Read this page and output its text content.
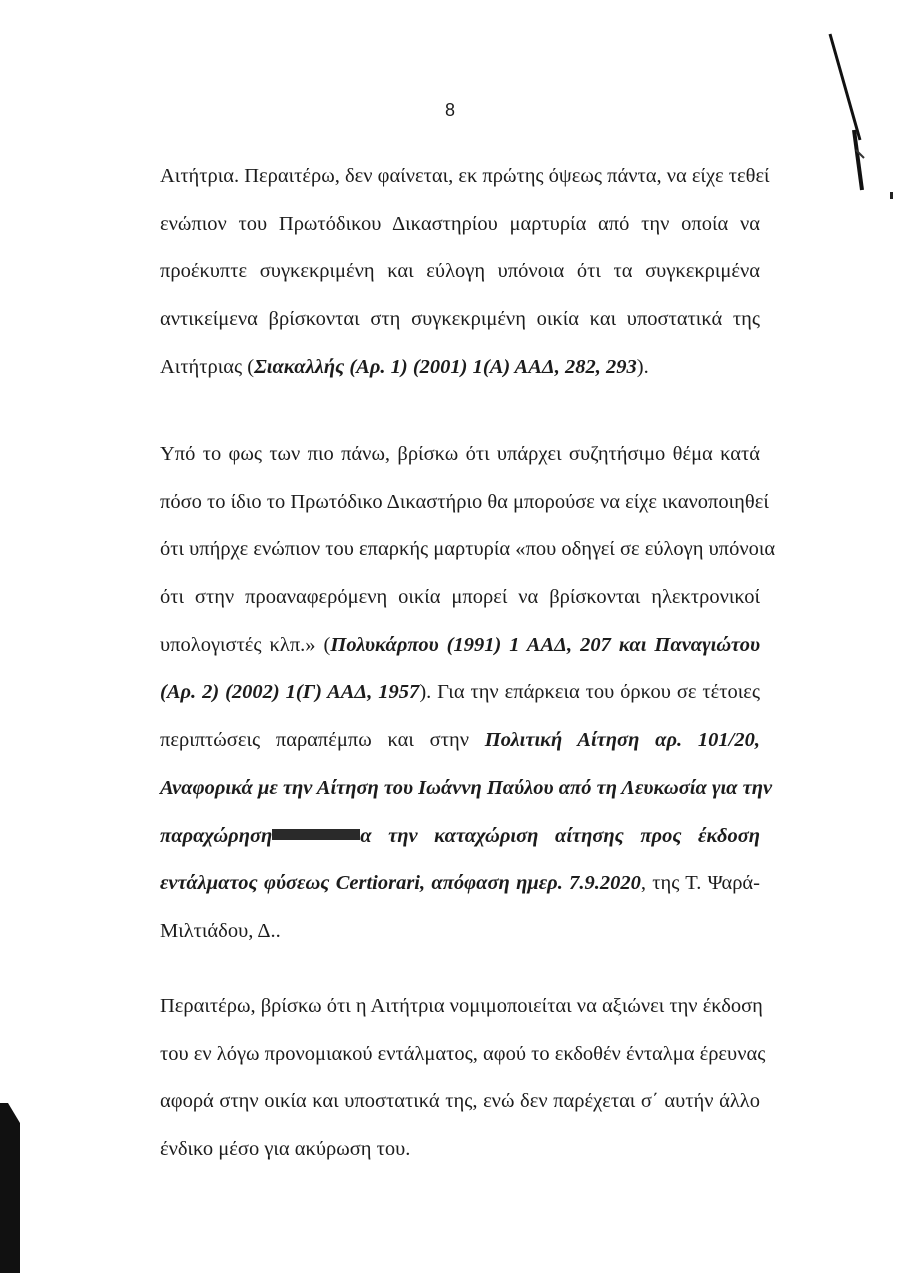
8
Αιτήτρια. Περαιτέρω, δεν φαίνεται, εκ πρώτης όψεως πάντα, να είχε τεθεί
ενώπιον του Πρωτόδικου Δικαστηρίου μαρτυρία από την οποία να
προέκυπτε συγκεκριμένη και εύλογη υπόνοια ότι τα συγκεκριμένα
αντικείμενα βρίσκονται στη συγκεκριμένη οικία και υποστατικά της
Αιτήτριας (Σιακαλλής (Αρ. 1) (2001) 1(Α) ΑΑΔ, 282, 293).
Υπό το φως των πιο πάνω, βρίσκω ότι υπάρχει συζητήσιμο θέμα κατά
πόσο το ίδιο το Πρωτόδικο Δικαστήριο θα μπορούσε να είχε ικανοποιηθεί
ότι υπήρχε ενώπιον του επαρκής μαρτυρία «που οδηγεί σε εύλογη υπόνοια
ότι στην προαναφερόμενη οικία μπορεί να βρίσκονται ηλεκτρονικοί
υπολογιστές κλπ.» (Πολυκάρπου (1991) 1 ΑΑΔ, 207 και Παναγιώτου
(Αρ. 2) (2002) 1(Γ) ΑΑΔ, 1957). Για την επάρκεια του όρκου σε τέτοιες
περιπτώσεις παραπέμπω και στην Πολιτική Αίτηση αρ. 101/20,
Αναφορικά με την Αίτηση του Ιωάννη Παύλου από τη Λευκωσία για την
παραχώρηση	α την καταχώριση αίτησης προς έκδοση
εντάλματος φύσεως Certiorari, απόφαση ημερ. 7.9.2020, της Τ. Ψαρά-
Μιλτιάδου, Δ..
Περαιτέρω, βρίσκω ότι η Αιτήτρια νομιμοποιείται να αξιώνει την έκδοση
του εν λόγω προνομιακού εντάλματος, αφού το εκδοθέν ένταλμα έρευνας
αφορά στην οικία και υποστατικά της, ενώ δεν παρέχεται σ΄ αυτήν άλλο
ένδικο μέσο για ακύρωση του.
